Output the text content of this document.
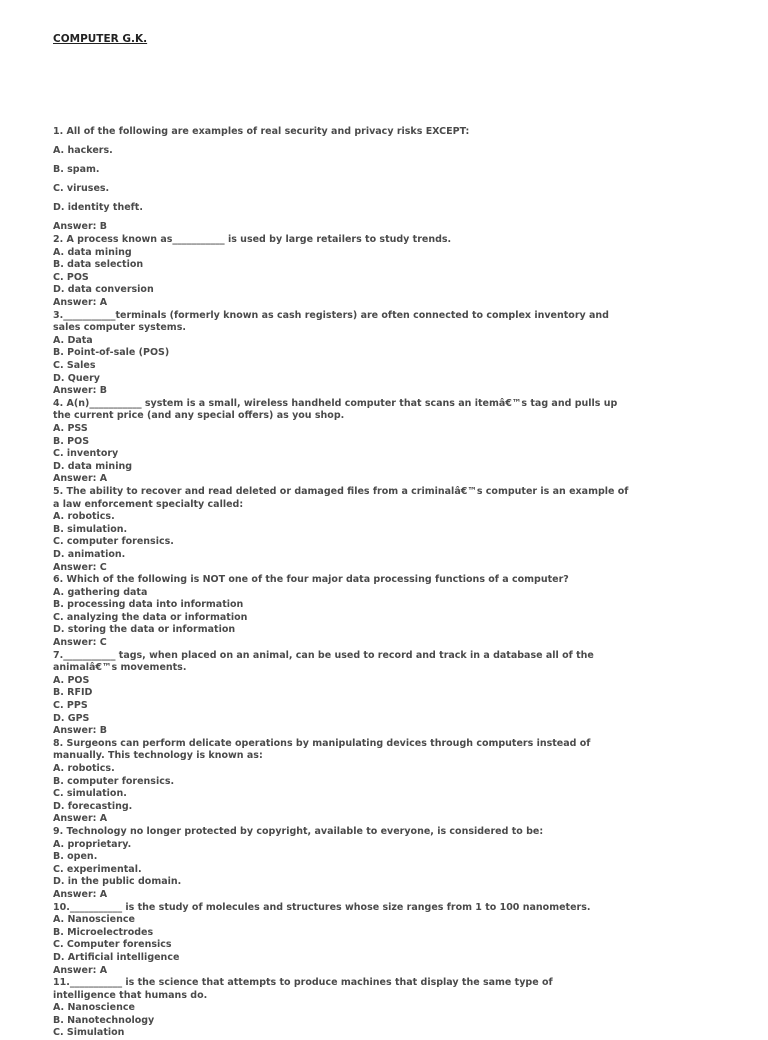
COMPUTER G.K.

1. All of the following are examples of real security and privacy risks EXCEPT:

A. hackers.

B. spam.

C. viruses.

D. identity theft.

Answer: B

2. A process known as___________ is used by large retailers to study trends.

A. data mining

B. data selection

C. POS

D. data conversion

Answer: A

3.___________terminals (formerly known as cash registers) are often connected to complex inventory and sales computer systems.

A. Data

B. Point-of-sale (POS)

C. Sales

D. Query

Answer: B

4. A(n)___________ system is a small, wireless handheld computer that scans an itemâ€™s tag and pulls up the current price (and any special offers) as you shop.

A. PSS

B. POS

C. inventory

D. data mining

Answer: A

5. The ability to recover and read deleted or damaged files from a criminalâ€™s computer is an example of a law enforcement specialty called:

A. robotics.

B. simulation.

C. computer forensics.

D. animation.

Answer: C

6. Which of the following is NOT one of the four major data processing functions of a computer?

A. gathering data

B. processing data into information

C. analyzing the data or information

D. storing the data or information

Answer: C

7.___________ tags, when placed on an animal, can be used to record and track in a database all of the animalâ€™s movements.

A. POS

B. RFID

C. PPS

D. GPS

Answer: B

8. Surgeons can perform delicate operations by manipulating devices through computers instead of manually. This technology is known as:

A. robotics.

B. computer forensics.

C. simulation.

D. forecasting.

Answer: A

9. Technology no longer protected by copyright, available to everyone, is considered to be:

A. proprietary.

B. open.

C. experimental.

D. in the public domain.

Answer: A

10.___________ is the study of molecules and structures whose size ranges from 1 to 100 nanometers.

A. Nanoscience

B. Microelectrodes

C. Computer forensics

D. Artificial intelligence

Answer: A

11.___________ is the science that attempts to produce machines that display the same type of intelligence that humans do.

A. Nanoscience

B. Nanotechnology

C. Simulation
